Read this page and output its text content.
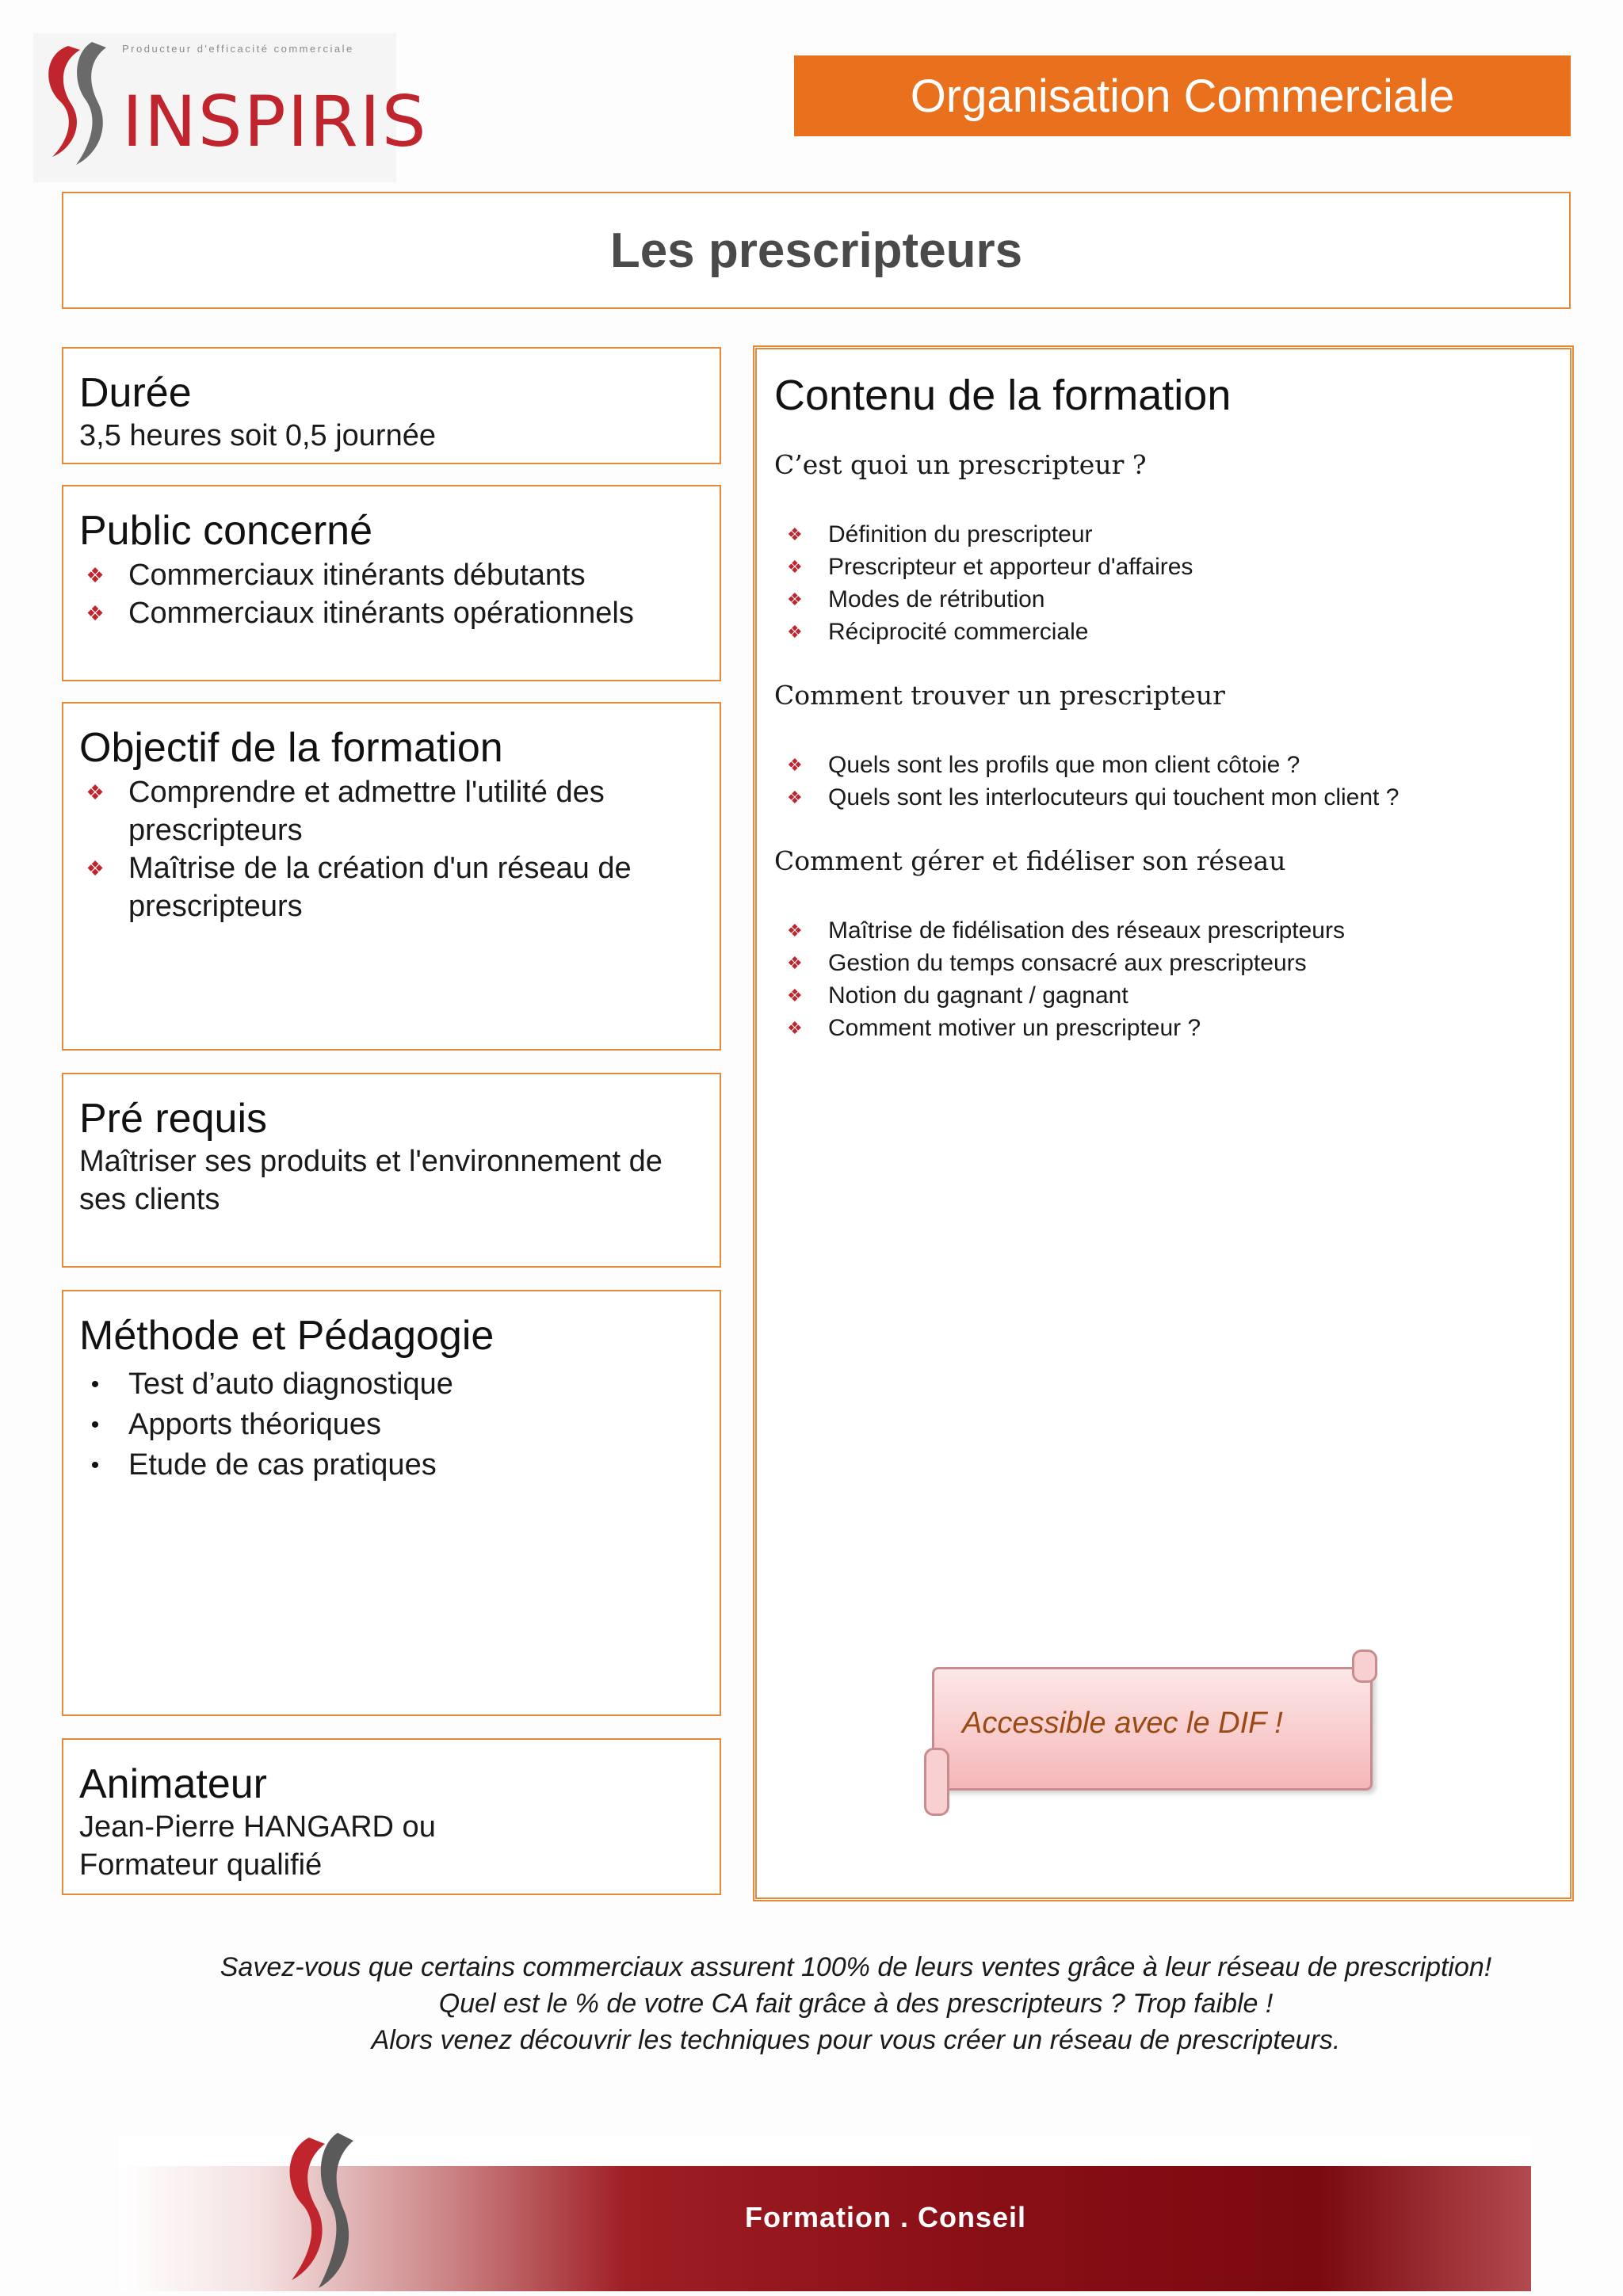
Producteur d'efficacité commerciale
INSPIRIS	Organisation Commerciale
Les prescripteurs
Durée
3,5 heures soit 0,5 journée
Public concerné
❖ Commerciaux itinérants débutants
❖ Commerciaux itinérants opérationnels
Objectif de la formation
❖ Comprendre et admettre l'utilité des prescripteurs
❖ Maîtrise de la création d'un réseau de prescripteurs
Pré requis
Maîtriser ses produits et l'environnement de ses clients
Méthode et Pédagogie
• Test d’auto diagnostique
• Apports théoriques
• Etude de cas pratiques
Animateur
Jean-Pierre HANGARD ou
Formateur qualifié
Contenu de la formation
C’est quoi un prescripteur ?
❖ Définition du prescripteur
❖ Prescripteur et apporteur d'affaires
❖ Modes de rétribution
❖ Réciprocité commerciale
Comment trouver un prescripteur
❖ Quels sont les profils que mon client côtoie ?
❖ Quels sont les interlocuteurs qui touchent mon client ?
Comment gérer et fidéliser son réseau
❖ Maîtrise de fidélisation des réseaux prescripteurs
❖ Gestion du temps consacré aux prescripteurs
❖ Notion du gagnant / gagnant
❖ Comment motiver un prescripteur ?
Accessible avec le DIF !
Savez-vous que certains commerciaux assurent 100% de leurs ventes grâce à leur réseau de prescription!
Quel est le % de votre CA fait grâce à des prescripteurs ? Trop faible !
Alors venez découvrir les techniques pour vous créer un réseau de prescripteurs.
Formation . Conseil
